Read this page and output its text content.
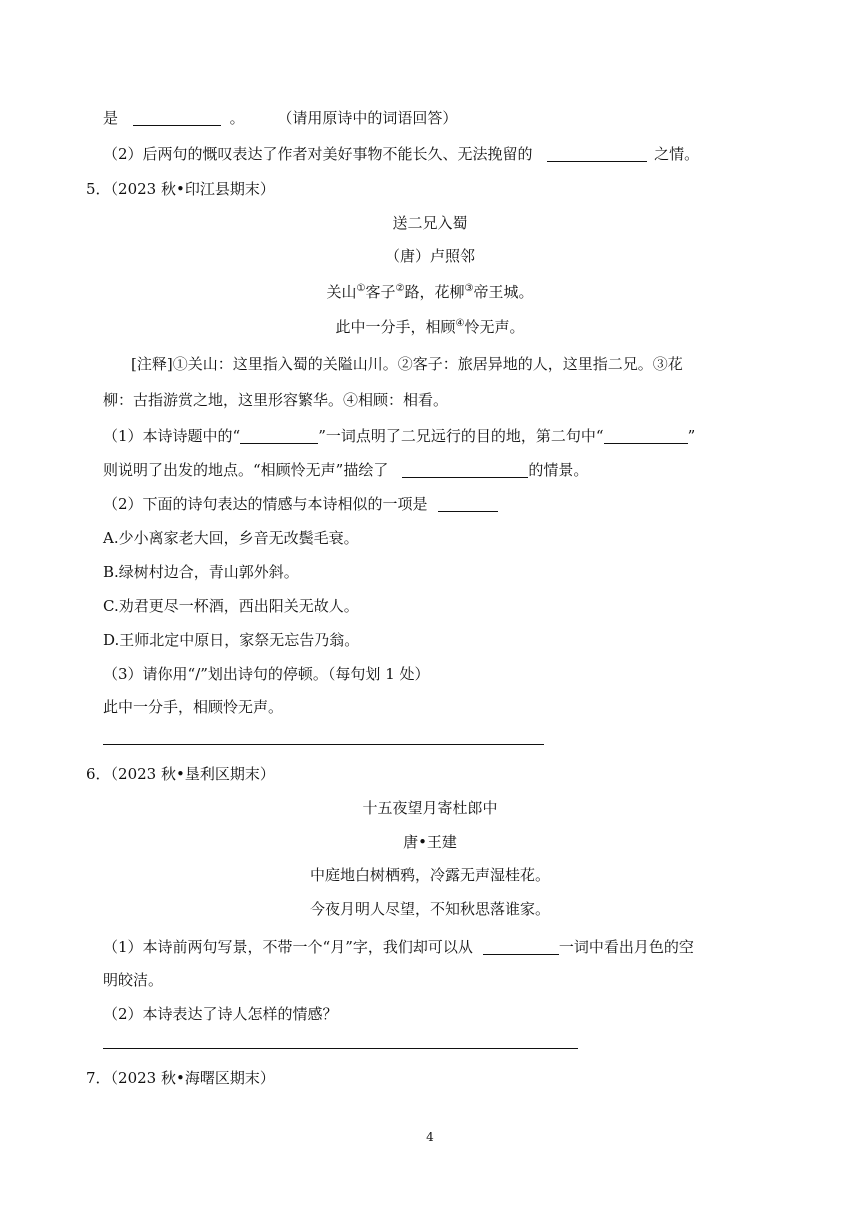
是	。 （请用原诗中的词语回答）
（2）后两句的慨叹表达了作者对美好事物不能长久、无法挽留的	之情。
5．（2023 秋•印江县期末）
送二兄入蜀
（唐）卢照邻
关山①客子②路，花柳③帝王城。
此中一分手，相顾④怜无声。
[注释]①关山：这里指入蜀的关隘山川。②客子：旅居异地的人，这里指二兄。③花
柳：古指游赏之地，这里形容繁华。④相顾：相看。
（1）本诗诗题中的“	”一词点明了二兄远行的目的地，第二句中“	”
则说明了出发的地点。“相顾怜无声”描绘了	的情景。
（2）下面的诗句表达的情感与本诗相似的一项是
A.少小离家老大回，乡音无改鬓毛衰。
B.绿树村边合，青山郭外斜。
C.劝君更尽一杯酒，西出阳关无故人。
D.王师北定中原日，家祭无忘告乃翁。
（3）请你用“/”划出诗句的停顿。（每句划 1 处）
此中一分手，相顾怜无声。
6．（2023 秋•垦利区期末）
十五夜望月寄杜郎中
唐•王建
中庭地白树栖鸦，冷露无声湿桂花。
今夜月明人尽望，不知秋思落谁家。
（1）本诗前两句写景，不带一个“月”字，我们却可以从	一词中看出月色的空
明皎洁。
（2）本诗表达了诗人怎样的情感？
7．（2023 秋•海曙区期末）
4
